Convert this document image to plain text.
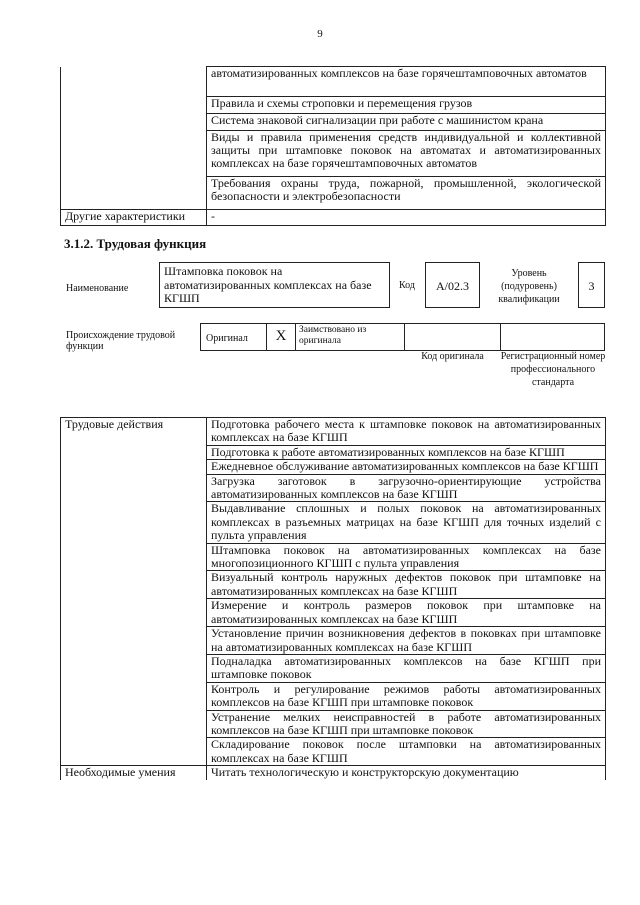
9
	автоматизированных комплексов на базе горячештамповочных автоматов
	Правила и схемы строповки и перемещения грузов
	Система знаковой сигнализации при работе с машинистом крана
	Виды и правила применения средств индивидуальной и коллективной защиты при штамповке поковок на автоматах и автоматизированных комплексах на базе горячештамповочных автоматов
	Требования охраны труда, пожарной, промышленной, экологической безопасности и электробезопасности
Другие характеристики	-
3.1.2. Трудовая функция
Наименование
Штамповка поковок на автоматизированных комплексах на базе КГШП
Код	А/02.3
Уровень (подуровень) квалификации
3
Происхождение трудовой функции
Оригинал	X	Заимствовано из оригинала
Код оригинала	Регистрационный номер профессионального стандарта
Трудовые действия	Подготовка рабочего места к штамповке поковок на автоматизированных комплексах на базе КГШП
	Подготовка к работе автоматизированных комплексов на базе КГШП
	Ежедневное обслуживание автоматизированных комплексов на базе КГШП
	Загрузка заготовок в загрузочно-ориентирующие устройства автоматизированных комплексов на базе КГШП
	Выдавливание сплошных и полых поковок на автоматизированных комплексах в разъемных матрицах на базе КГШП для точных изделий с пульта управления
	Штамповка поковок на автоматизированных комплексах на базе многопозиционного КГШП с пульта управления
	Визуальный контроль наружных дефектов поковок при штамповке на автоматизированных комплексах на базе КГШП
	Измерение и контроль размеров поковок при штамповке на автоматизированных комплексах на базе КГШП
	Установление причин возникновения дефектов в поковках при штамповке на автоматизированных комплексах на базе КГШП
	Подналадка автоматизированных комплексов на базе КГШП при штамповке поковок
	Контроль и регулирование режимов работы автоматизированных комплексов на базе КГШП при штамповке поковок
	Устранение мелких неисправностей в работе автоматизированных комплексов на базе КГШП при штамповке поковок
	Складирование поковок после штамповки на автоматизированных комплексах на базе КГШП
Необходимые умения	Читать технологическую и конструкторскую документацию
